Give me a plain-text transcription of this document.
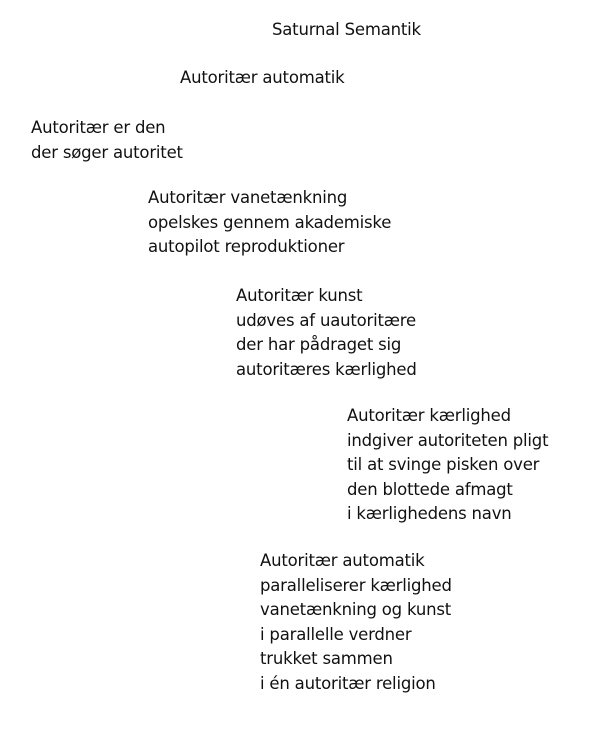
Saturnal Semantik
Autoritær automatik
Autoritær er den
der søger autoritet
Autoritær vanetænkning
opelskes gennem akademiske
autopilot reproduktioner
Autoritær kunst
udøves af uautoritære
der har pådraget sig
autoritæres kærlighed
Autoritær kærlighed
indgiver autoriteten pligt
til at svinge pisken over
den blottede afmagt
i kærlighedens navn
Autoritær automatik
paralleliserer kærlighed
vanetænkning og kunst
i parallelle verdner
trukket sammen
i én autoritær religion
